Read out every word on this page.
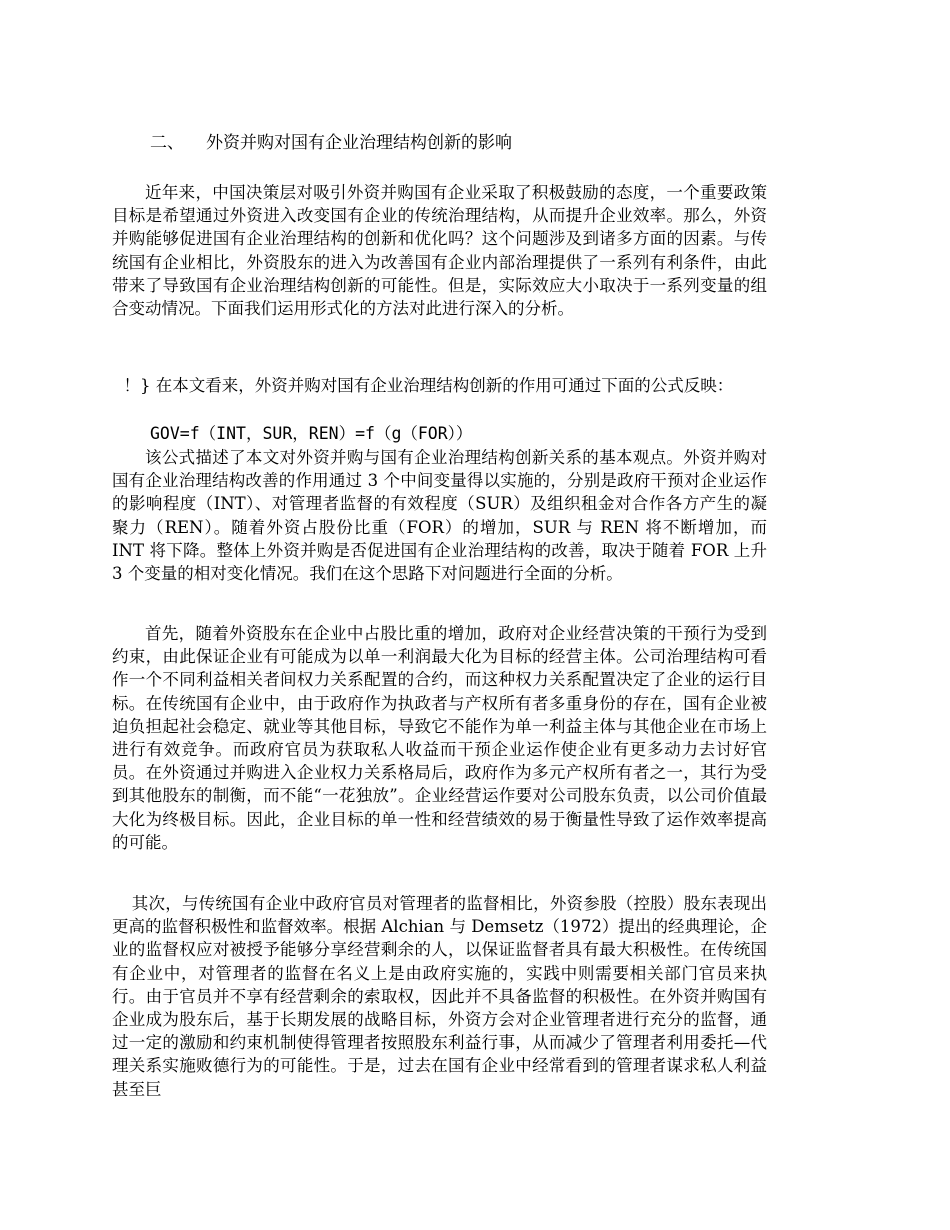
二、 外资并购对国有企业治理结构创新的影响

近年来，中国决策层对吸引外资并购国有企业采取了积极鼓励的态度，一个重要政策目标是希望通过外资进入改变国有企业的传统治理结构，从而提升企业效率。那么，外资并购能够促进国有企业治理结构的创新和优化吗？这个问题涉及到诸多方面的因素。与传统国有企业相比，外资股东的进入为改善国有企业内部治理提供了一系列有利条件，由此带来了导致国有企业治理结构创新的可能性。但是，实际效应大小取决于一系列变量的组合变动情况。下面我们运用形式化的方法对此进行深入的分析。

！} 在本文看来，外资并购对国有企业治理结构创新的作用可通过下面的公式反映：

GOV=f（INT，SUR，REN）=f（g（FOR））

该公式描述了本文对外资并购与国有企业治理结构创新关系的基本观点。外资并购对国有企业治理结构改善的作用通过 3 个中间变量得以实施的，分别是政府干预对企业运作的影响程度（INT）、对管理者监督的有效程度（SUR）及组织租金对合作各方产生的凝聚力（REN）。随着外资占股份比重（FOR）的增加，SUR 与 REN 将不断增加，而 INT 将下降。整体上外资并购是否促进国有企业治理结构的改善，取决于随着 FOR 上升 3 个变量的相对变化情况。我们在这个思路下对问题进行全面的分析。

首先，随着外资股东在企业中占股比重的增加，政府对企业经营决策的干预行为受到约束，由此保证企业有可能成为以单一利润最大化为目标的经营主体。公司治理结构可看作一个不同利益相关者间权力关系配置的合约，而这种权力关系配置决定了企业的运行目标。在传统国有企业中，由于政府作为执政者与产权所有者多重身份的存在，国有企业被迫负担起社会稳定、就业等其他目标，导致它不能作为单一利益主体与其他企业在市场上进行有效竞争。而政府官员为获取私人收益而干预企业运作使企业有更多动力去讨好官员。在外资通过并购进入企业权力关系格局后，政府作为多元产权所有者之一，其行为受到其他股东的制衡，而不能“一花独放”。企业经营运作要对公司股东负责，以公司价值最大化为终极目标。因此，企业目标的单一性和经营绩效的易于衡量性导致了运作效率提高的可能。

其次，与传统国有企业中政府官员对管理者的监督相比，外资参股（控股）股东表现出更高的监督积极性和监督效率。根据 Alchian 与 Demsetz（1972）提出的经典理论，企业的监督权应对被授予能够分享经营剩余的人，以保证监督者具有最大积极性。在传统国有企业中，对管理者的监督在名义上是由政府实施的，实践中则需要相关部门官员来执行。由于官员并不享有经营剩余的索取权，因此并不具备监督的积极性。在外资并购国有企业成为股东后，基于长期发展的战略目标，外资方会对企业管理者进行充分的监督，通过一定的激励和约束机制使得管理者按照股东利益行事，从而减少了管理者利用委托—代理关系实施败德行为的可能性。于是，过去在国有企业中经常看到的管理者谋求私人利益甚至巨
